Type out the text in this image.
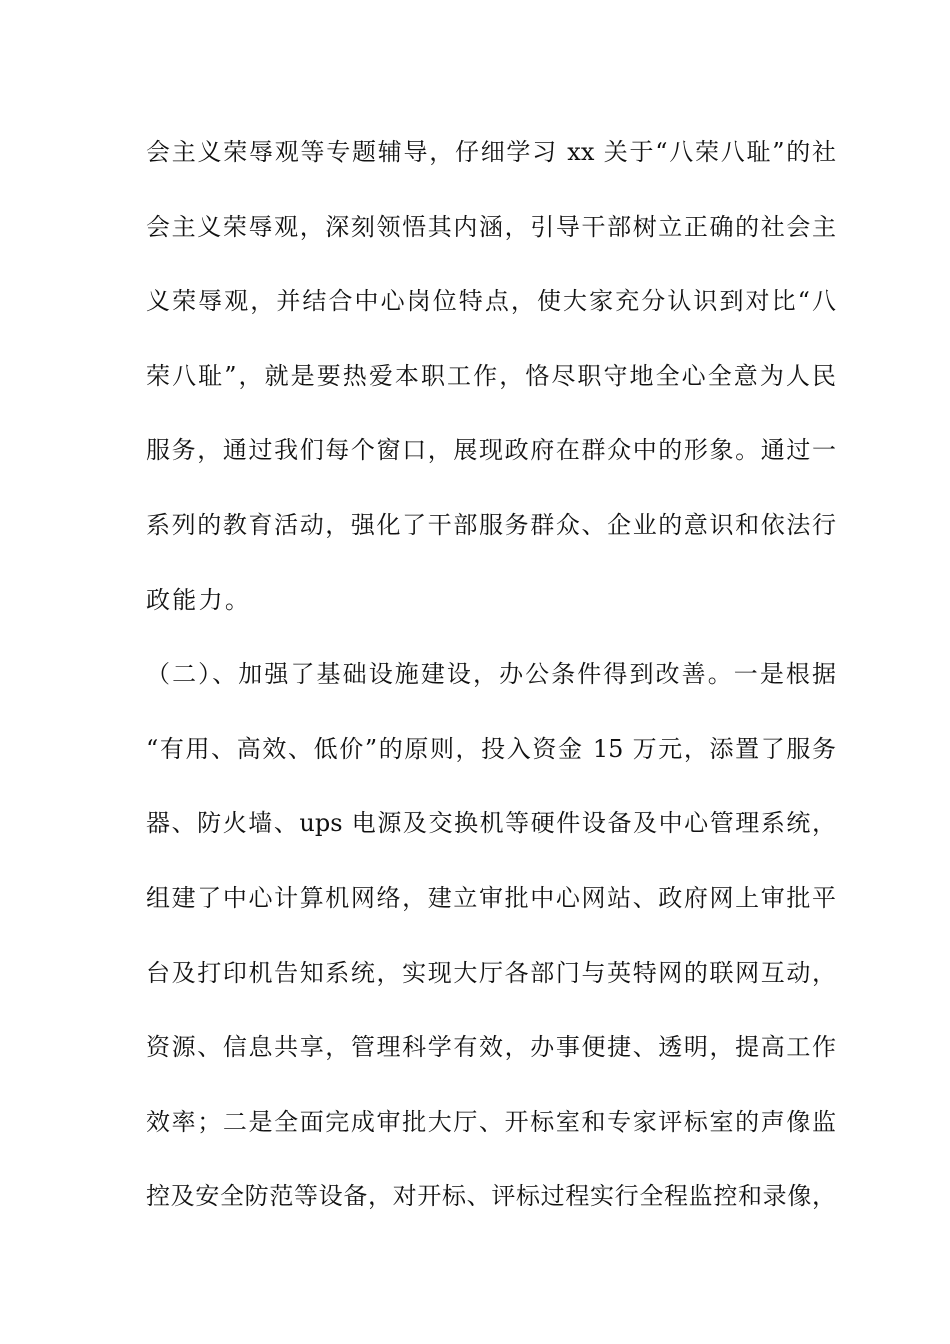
会主义荣辱观等专题辅导，仔细学习 xx 关于“八荣八耻”的社
会主义荣辱观，深刻领悟其内涵，引导干部树立正确的社会主
义荣辱观，并结合中心岗位特点，使大家充分认识到对比“八
荣八耻”，就是要热爱本职工作，恪尽职守地全心全意为人民
服务，通过我们每个窗口，展现政府在群众中的形象。通过一
系列的教育活动，强化了干部服务群众、企业的意识和依法行
政能力。
（二）、加强了基础设施建设，办公条件得到改善。一是根据
“有用、高效、低价”的原则，投入资金 15 万元，添置了服务
器、防火墙、ups 电源及交换机等硬件设备及中心管理系统，
组建了中心计算机网络，建立审批中心网站、政府网上审批平
台及打印机告知系统，实现大厅各部门与英特网的联网互动，
资源、信息共享，管理科学有效，办事便捷、透明，提高工作
效率；二是全面完成审批大厅、开标室和专家评标室的声像监
控及安全防范等设备，对开标、评标过程实行全程监控和录像，
